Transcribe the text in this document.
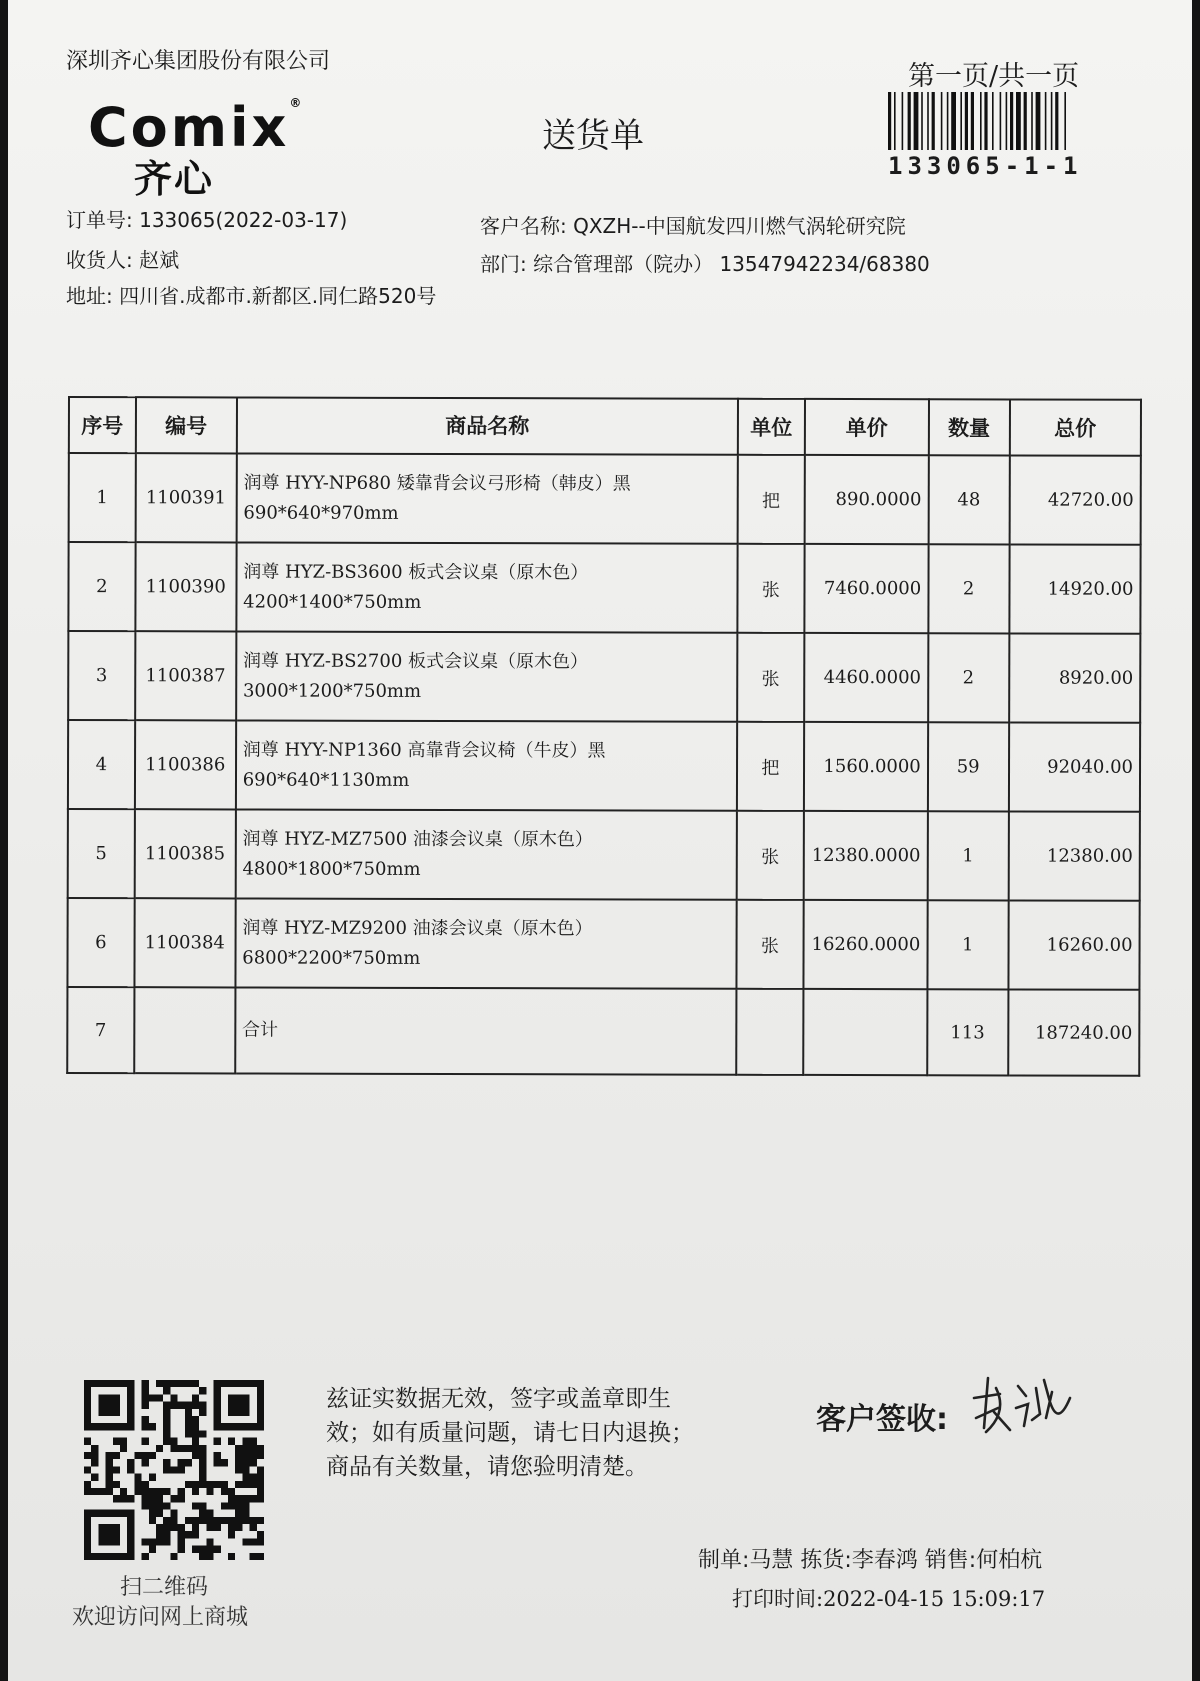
深圳齐心集团股份有限公司	第一页/共一页
Comix®
齐心
送货单
133065-1-1
订单号: 133065(2022-03-17)
收货人: 赵斌
地址: 四川省.成都市.新都区.同仁路520号
客户名称: QXZH--中国航发四川燃气涡轮研究院
部门: 综合管理部（院办） 13547942234/68380
序号	编号	商品名称	单位	单价	数量	总价
1	1100391	润尊 HYY-NP680 矮靠背会议弓形椅（韩皮）黑
690*640*970mm	把	890.0000	48	42720.00
2	1100390	润尊 HYZ-BS3600 板式会议桌（原木色）
4200*1400*750mm	张	7460.0000	2	14920.00
3	1100387	润尊 HYZ-BS2700 板式会议桌（原木色）
3000*1200*750mm	张	4460.0000	2	8920.00
4	1100386	润尊 HYY-NP1360 高靠背会议椅（牛皮）黑
690*640*1130mm	把	1560.0000	59	92040.00
5	1100385	润尊 HYZ-MZ7500 油漆会议桌（原木色）
4800*1800*750mm	张	12380.0000	1	12380.00
6	1100384	润尊 HYZ-MZ9200 油漆会议桌（原木色）
6800*2200*750mm	张	16260.0000	1	16260.00
7		合计			113	187240.00
扫二维码
欢迎访问网上商城
兹证实数据无效，签字或盖章即生效；如有质量问题，请七日内退换；商品有关数量，请您验明清楚。
客户签收:
制单:马慧 拣货:李春鸿 销售:何柏杭
打印时间:2022-04-15 15:09:17
